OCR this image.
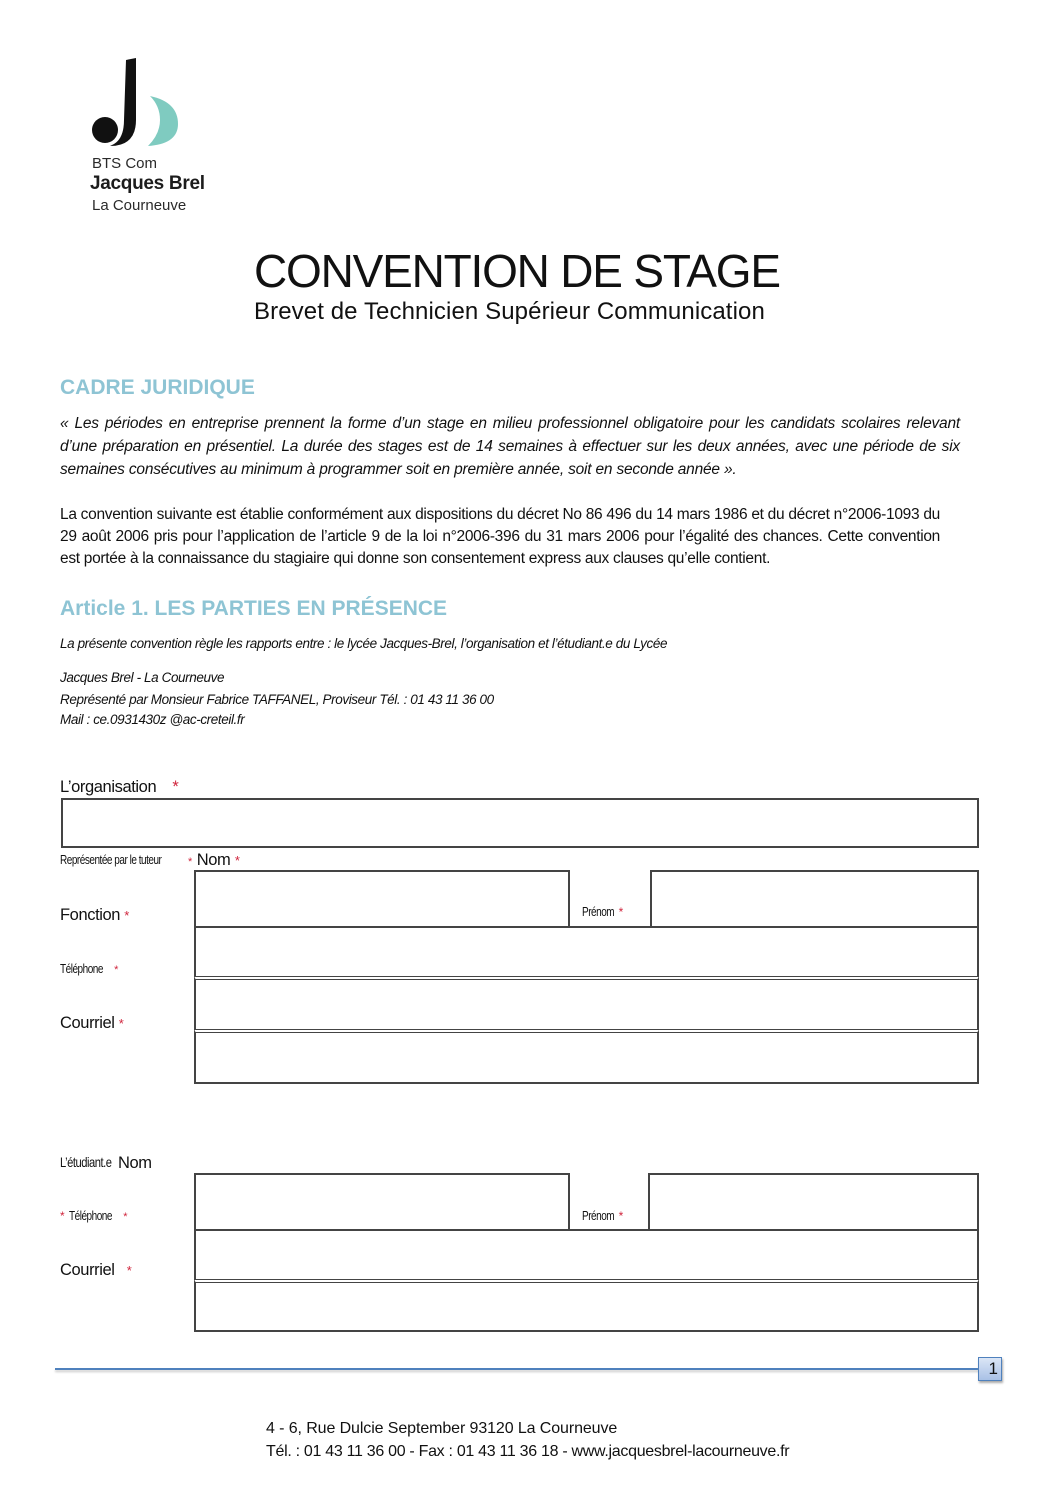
BTS Com
Jacques Brel
La Courneuve
CONVENTION DE STAGE
Brevet de Technicien Supérieur Communication
CADRE JURIDIQUE
« Les périodes en entreprise prennent la forme d’un stage en milieu professionnel obligatoire pour les candidats scolaires relevant d’une préparation en présentiel. La durée des stages est de 14 semaines à effectuer sur les deux années, avec une période de six semaines consécutives au minimum à programmer soit en première année, soit en seconde année ».
La convention suivante est établie conformément aux dispositions du décret No 86 496 du 14 mars 1986 et du décret n°2006-1093 du 29 août 2006 pris pour l’application de l’article 9 de la loi n°2006-396 du 31 mars 2006 pour l’égalité des chances. Cette convention est portée à la connaissance du stagiaire qui donne son consentement express aux clauses qu’elle contient.
Article 1. LES PARTIES EN PRÉSENCE
La présente convention règle les rapports entre : le lycée Jacques-Brel, l’organisation et l’étudiant.e du Lycée
Jacques Brel - La Courneuve
Représenté par Monsieur Fabrice TAFFANEL, Proviseur Tél. : 01 43 11 36 00
Mail : ce.0931430z @ac-creteil.fr
L’organisation *
Représentée par le tuteur	* Nom *
Prénom *
Fonction *
Téléphone *
Courriel *
L’étudiant.e Nom
Prénom *
* Téléphone *
Courriel *
1
4 - 6, Rue Dulcie September 93120 La Courneuve
Tél. : 01 43 11 36 00 - Fax : 01 43 11 36 18 - www.jacquesbrel-lacourneuve.fr
